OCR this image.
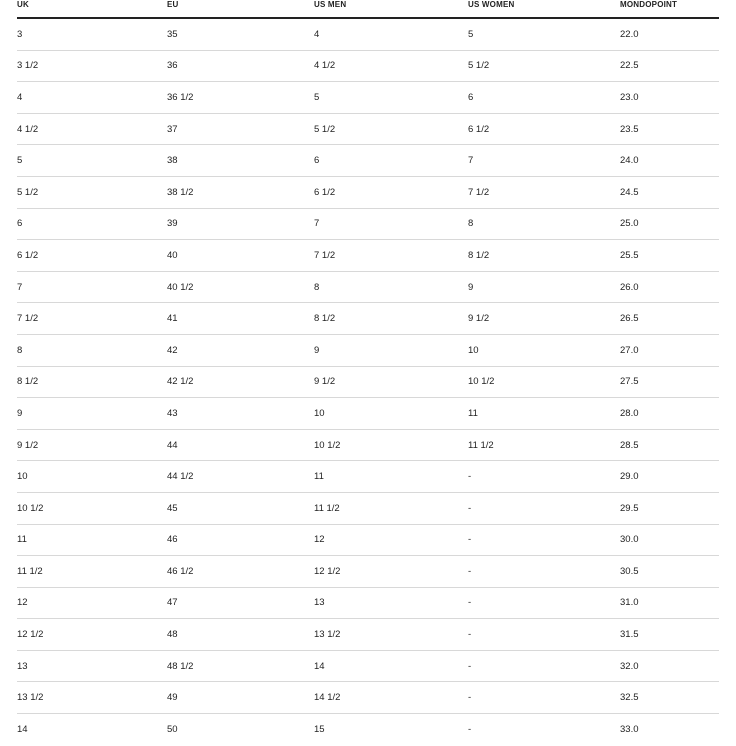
UK	EU	US MEN	US WOMEN	MONDOPOINT
3	35	4	5	22.0
3 1/2	36	4 1/2	5 1/2	22.5
4	36 1/2	5	6	23.0
4 1/2	37	5 1/2	6 1/2	23.5
5	38	6	7	24.0
5 1/2	38 1/2	6 1/2	7 1/2	24.5
6	39	7	8	25.0
6 1/2	40	7 1/2	8 1/2	25.5
7	40 1/2	8	9	26.0
7 1/2	41	8 1/2	9 1/2	26.5
8	42	9	10	27.0
8 1/2	42 1/2	9 1/2	10 1/2	27.5
9	43	10	11	28.0
9 1/2	44	10 1/2	11 1/2	28.5
10	44 1/2	11	-	29.0
10 1/2	45	11 1/2	-	29.5
11	46	12	-	30.0
11 1/2	46 1/2	12 1/2	-	30.5
12	47	13	-	31.0
12 1/2	48	13 1/2	-	31.5
13	48 1/2	14	-	32.0
13 1/2	49	14 1/2	-	32.5
14	50	15	-	33.0
